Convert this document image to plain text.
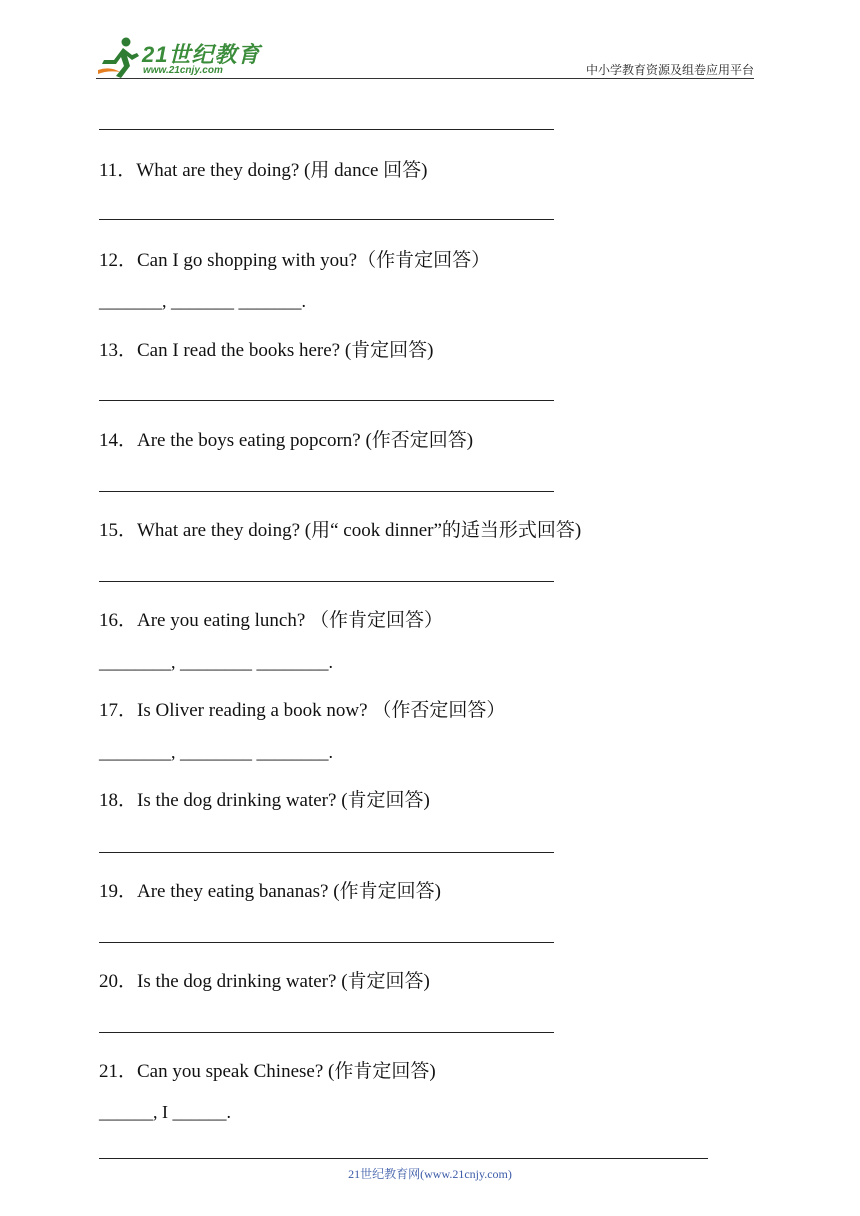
21世纪教育
www.21cnjy.com	中小学教育资源及组卷应用平台
11．What are they doing? (用 dance 回答)
12．Can I go shopping with you?（作肯定回答）
_______, _______ _______.
13．Can I read the books here? (肯定回答)
14．Are the boys eating popcorn? (作否定回答)
15．What are they doing? (用“ cook dinner”的适当形式回答)
16．Are you eating lunch? （作肯定回答）
________, ________ ________.
17．Is Oliver reading a book now? （作否定回答）
________, ________ ________.
18．Is the dog drinking water? (肯定回答)
19．Are they eating bananas? (作肯定回答)
20．Is the dog drinking water? (肯定回答)
21．Can you speak Chinese? (作肯定回答)
______, I ______.
21世纪教育网(www.21cnjy.com)
